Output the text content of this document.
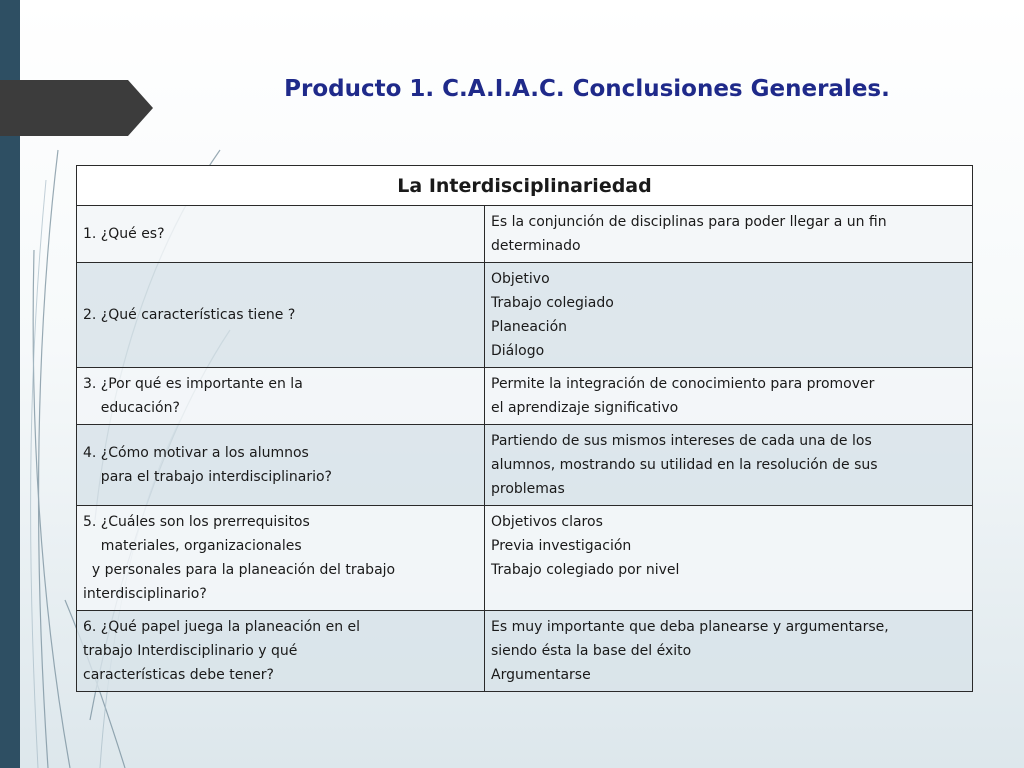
Producto 1. C.A.I.A.C. Conclusiones Generales.
La Interdisciplinariedad	

1. ¿Qué es?	Es la conjunción de disciplinas para poder llegar a un fin
determinado

2. ¿Qué características tiene ?	Objetivo
Trabajo colegiado
Planeación
Diálogo

3. ¿Por qué es importante en la
educación?	Permite la integración de conocimiento para promover
el aprendizaje significativo

4. ¿Cómo motivar a los alumnos
para el trabajo interdisciplinario?	Partiendo de sus mismos intereses de cada una de los
alumnos, mostrando su utilidad en la resolución de sus
problemas

5. ¿Cuáles son los prerrequisitos
materiales, organizacionales
y personales para la planeación del trabajo
interdisciplinario?	Objetivos claros
Previa investigación
Trabajo colegiado por nivel

6. ¿Qué papel juega la planeación en el
trabajo Interdisciplinario y qué
características debe tener?	Es muy importante que deba planearse y argumentarse,
siendo ésta la base del éxito
Argumentarse
